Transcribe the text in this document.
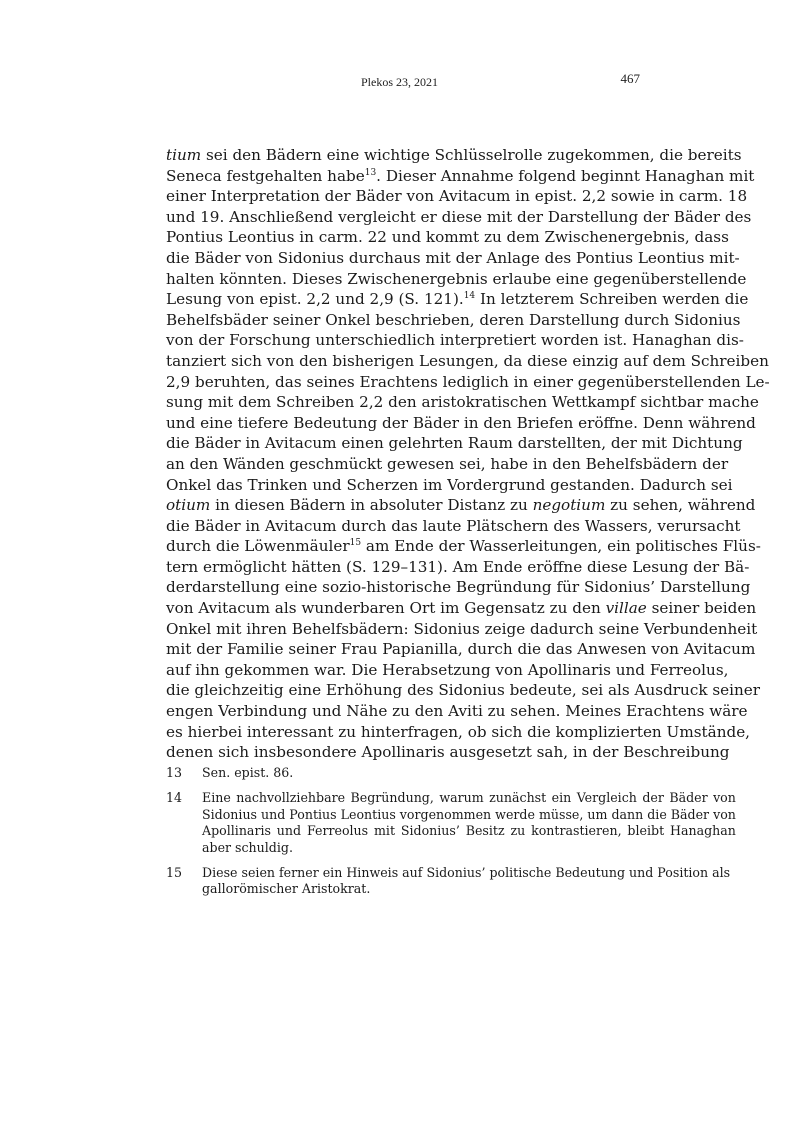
Plekos 23, 2021	467
tium sei den Bädern eine wichtige Schlüsselrolle zugekommen, die bereits
Seneca festgehalten habe$^{13}$. Dieser Annahme folgend beginnt Hanaghan mit
einer Interpretation der Bäder von Avitacum in epist. 2,2 sowie in carm. 18
und 19. Anschließend vergleicht er diese mit der Darstellung der Bäder des
Pontius Leontius in carm. 22 und kommt zu dem Zwischenergebnis, dass
die Bäder von Sidonius durchaus mit der Anlage des Pontius Leontius mit-
halten könnten. Dieses Zwischenergebnis erlaube eine gegenüberstellende
Lesung von epist. 2,2 und 2,9 (S. 121).$^{14}$ In letzterem Schreiben werden die
Behelfsbäder seiner Onkel beschrieben, deren Darstellung durch Sidonius
von der Forschung unterschiedlich interpretiert worden ist. Hanaghan dis-
tanziert sich von den bisherigen Lesungen, da diese einzig auf dem Schreiben
2,9 beruhten, das seines Erachtens lediglich in einer gegenüberstellenden Le-
sung mit dem Schreiben 2,2 den aristokratischen Wettkampf sichtbar mache
und eine tiefere Bedeutung der Bäder in den Briefen eröffne. Denn während
die Bäder in Avitacum einen gelehrten Raum darstellten, der mit Dichtung
an den Wänden geschmückt gewesen sei, habe in den Behelfsbädern der
Onkel das Trinken und Scherzen im Vordergrund gestanden. Dadurch sei
otium in diesen Bädern in absoluter Distanz zu negotium zu sehen, während
die Bäder in Avitacum durch das laute Plätschern des Wassers, verursacht
durch die Löwenmäuler$^{15}$ am Ende der Wasserleitungen, ein politisches Flüs-
tern ermöglicht hätten (S. 129–131). Am Ende eröffne diese Lesung der Bä-
derdarstellung eine sozio-historische Begründung für Sidonius’ Darstellung
von Avitacum als wunderbaren Ort im Gegensatz zu den villae seiner beiden
Onkel mit ihren Behelfsbädern: Sidonius zeige dadurch seine Verbundenheit
mit der Familie seiner Frau Papianilla, durch die das Anwesen von Avitacum
auf ihn gekommen war. Die Herabsetzung von Apollinaris und Ferreolus,
die gleichzeitig eine Erhöhung des Sidonius bedeute, sei als Ausdruck seiner
engen Verbindung und Nähe zu den Aviti zu sehen. Meines Erachtens wäre
es hierbei interessant zu hinterfragen, ob sich die komplizierten Umstände,
denen sich insbesondere Apollinaris ausgesetzt sah, in der Beschreibung
13	Sen. epist. 86.
14	Eine nachvollziehbare Begründung, warum zunächst ein Vergleich der Bäder von
Sidonius und Pontius Leontius vorgenommen werde müsse, um dann die Bäder von
Apollinaris und Ferreolus mit Sidonius’ Besitz zu kontrastieren, bleibt Hanaghan
aber schuldig.
15	Diese seien ferner ein Hinweis auf Sidonius’ politische Bedeutung und Position als
gallorömischer Aristokrat.
